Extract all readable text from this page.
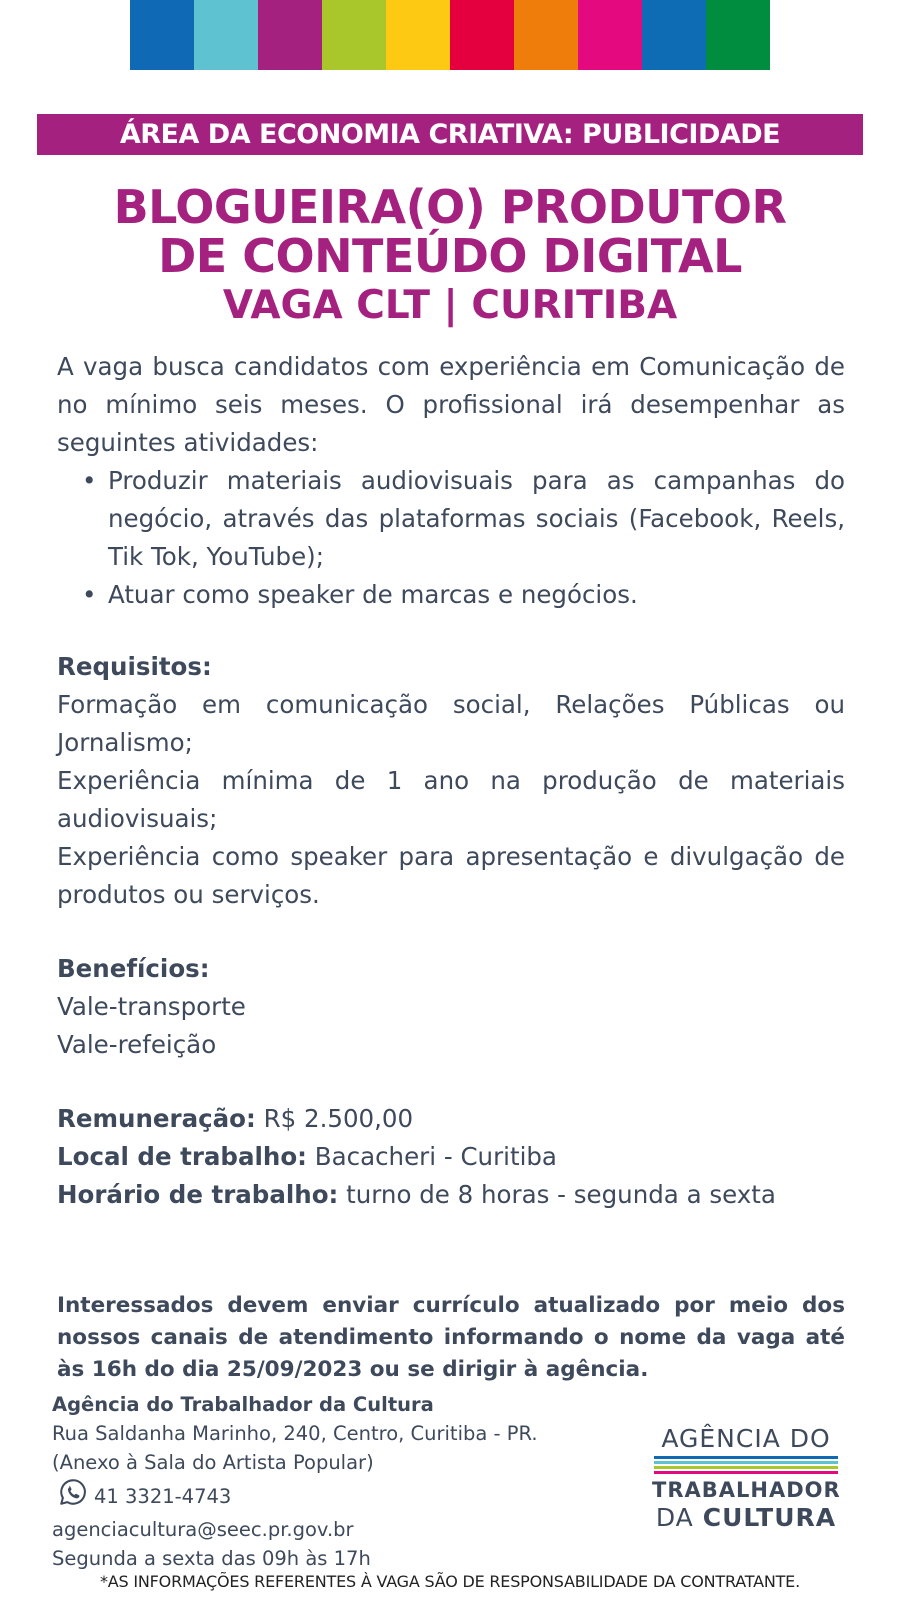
ÁREA DA ECONOMIA CRIATIVA: PUBLICIDADE
BLOGUEIRA(O) PRODUTOR
DE CONTEÚDO DIGITAL
VAGA CLT | CURITIBA

A vaga busca candidatos com experiência em Comunicação de no mínimo seis meses. O profissional irá desempenhar as seguintes atividades:

• Produzir materiais audiovisuais para as campanhas do negócio, através das plataformas sociais (Facebook, Reels, Tik Tok, YouTube);
• Atuar como speaker de marcas e negócios.
Requisitos:

Formação em comunicação social, Relações Públicas ou Jornalismo;

Experiência mínima de 1 ano na produção de materiais audiovisuais;

Experiência como speaker para apresentação e divulgação de produtos ou serviços.

Benefícios:
Vale-transporte
Vale-refeição
Remuneração: R$ 2.500,00
Local de trabalho: Bacacheri - Curitiba
Horário de trabalho: turno de 8 horas - segunda a sexta

Interessados devem enviar currículo atualizado por meio dos nossos canais de atendimento informando o nome da vaga até às 16h do dia 25/09/2023 ou se dirigir à agência.

Agência do Trabalhador da Cultura
Rua Saldanha Marinho, 240, Centro, Curitiba - PR.
(Anexo à Sala do Artista Popular)
41 3321-4743
agenciacultura@seec.pr.gov.br
Segunda a sexta das 09h às 17h
AGÊNCIA DO
TRABALHADOR
DA CULTURA
*AS INFORMAÇÕES REFERENTES À VAGA SÃO DE RESPONSABILIDADE DA CONTRATANTE.
